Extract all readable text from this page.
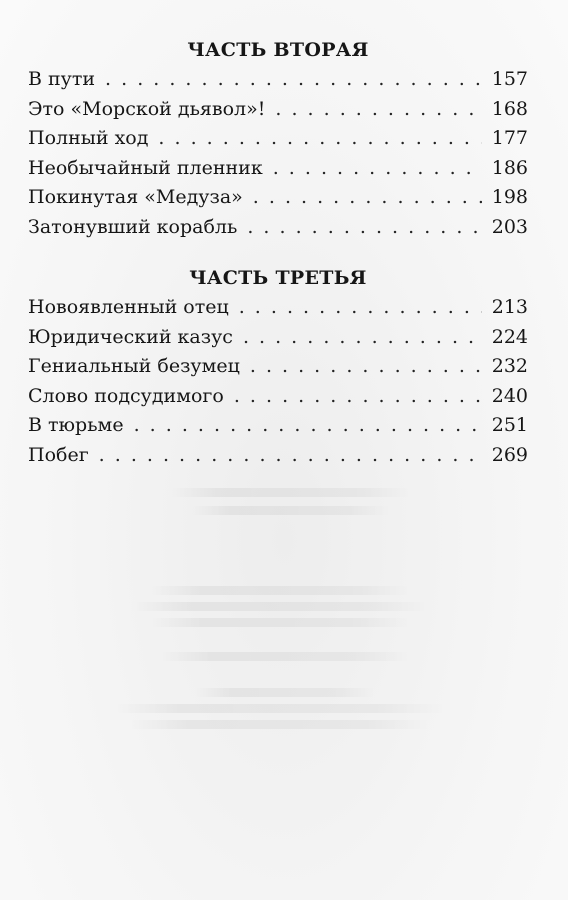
ЧАСТЬ ВТОРАЯ
В пути . . .	157
Это «Морской дьявол»! . . .	168
Полный ход . . .	177
Необычайный пленник . . .	186
Покинутая «Медуза» . . .	198
Затонувший корабль . . .	203
ЧАСТЬ ТРЕТЬЯ
Новоявленный отец . . .	213
Юридический казус . . .	224
Гениальный безумец . . .	232
Слово подсудимого . . .	240
В тюрьме . . .	251
Побег . . .	269
